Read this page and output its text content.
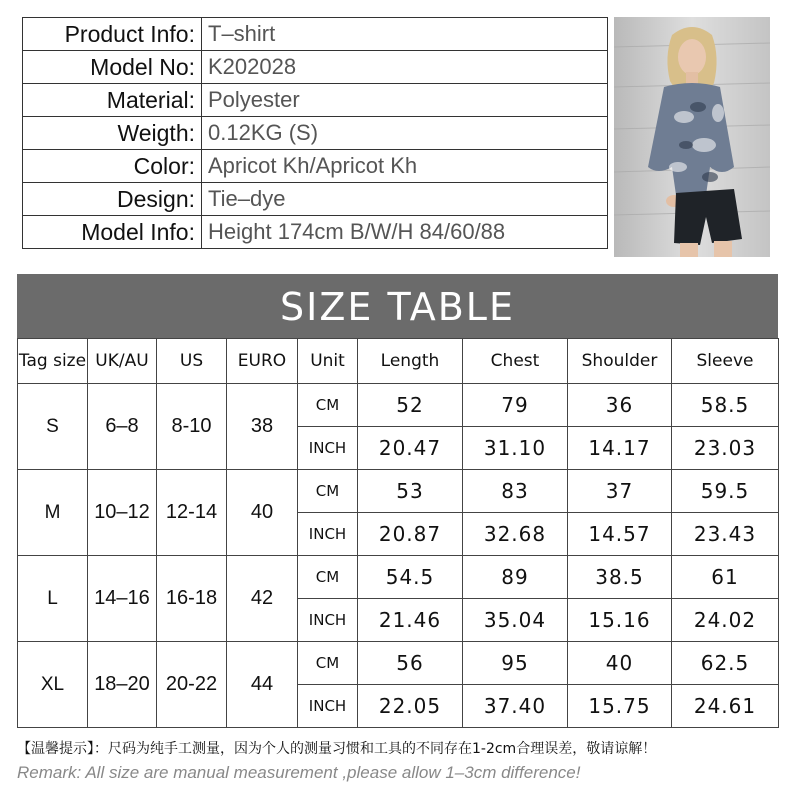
Product Info:	T–shirt
Model No:	K202028
Material:	Polyester
Weigth:	0.12KG (S)
Color:	Apricot Kh/Apricot Kh
Design:	Tie–dye
Model Info:	Height 174cm B/W/H 84/60/88
SIZE TABLE
Tag size	UK/AU	US	EURO	Unit	Length	Chest	Shoulder	Sleeve
S	6–8	8-10	38	CM	52	79	36	58.5
				INCH	20.47	31.10	14.17	23.03
M	10–12	12-14	40	CM	53	83	37	59.5
				INCH	20.87	32.68	14.57	23.43
L	14–16	16-18	42	CM	54.5	89	38.5	61
				INCH	21.46	35.04	15.16	24.02
XL	18–20	20-22	44	CM	56	95	40	62.5
				INCH	22.05	37.40	15.75	24.61
【温馨提示】：尺码为纯手工测量，因为个人的测量习惯和工具的不同存在1-2cm合理误差，敬请谅解！
Remark: All size are manual measurement ,please allow 1–3cm difference!
